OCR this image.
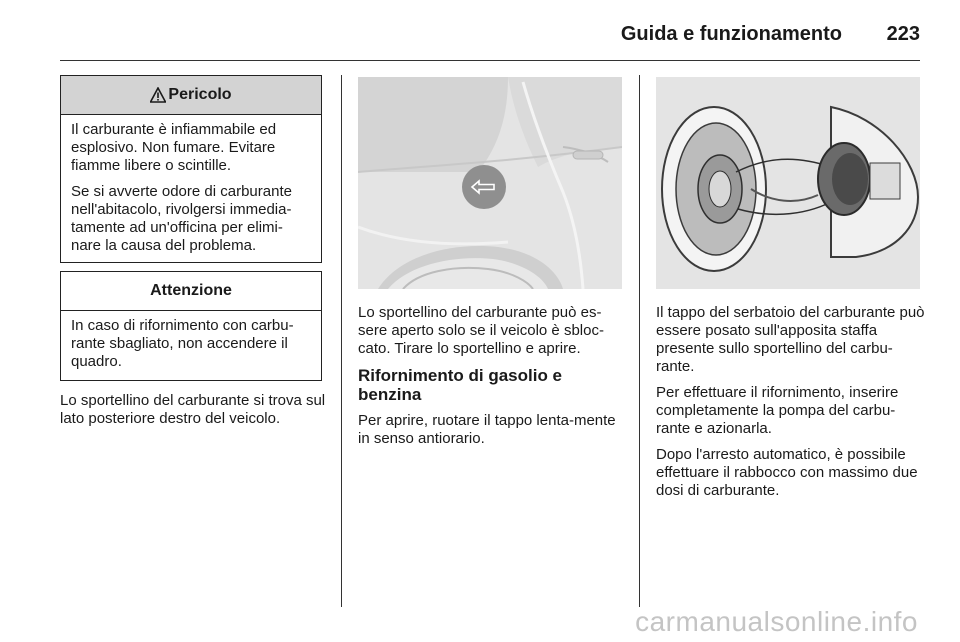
Guida e funzionamento 223
Pericolo

Il carburante è infiammabile ed esplosivo. Non fumare. Evitare fiamme libere o scintille.

Se si avverte odore di carburante nell'abitacolo, rivolgersi immedia-tamente ad un'officina per elimi-nare la causa del problema.

Attenzione

In caso di rifornimento con carbu-rante sbagliato, non accendere il quadro.

Lo sportellino del carburante si trova sul lato posteriore destro del veicolo.

Lo sportellino del carburante può es-sere aperto solo se il veicolo è sbloc-cato. Tirare lo sportellino e aprire.

Rifornimento di gasolio e benzina

Per aprire, ruotare il tappo lenta-mente in senso antiorario.

Il tappo del serbatoio del carburante può essere posato sull'apposita staffa presente sullo sportellino del carbu-rante.

Per effettuare il rifornimento, inserire completamente la pompa del carbu-rante e azionarla.

Dopo l'arresto automatico, è possibile effettuare il rabbocco con massimo due dosi di carburante.

carmanualsonline.info
